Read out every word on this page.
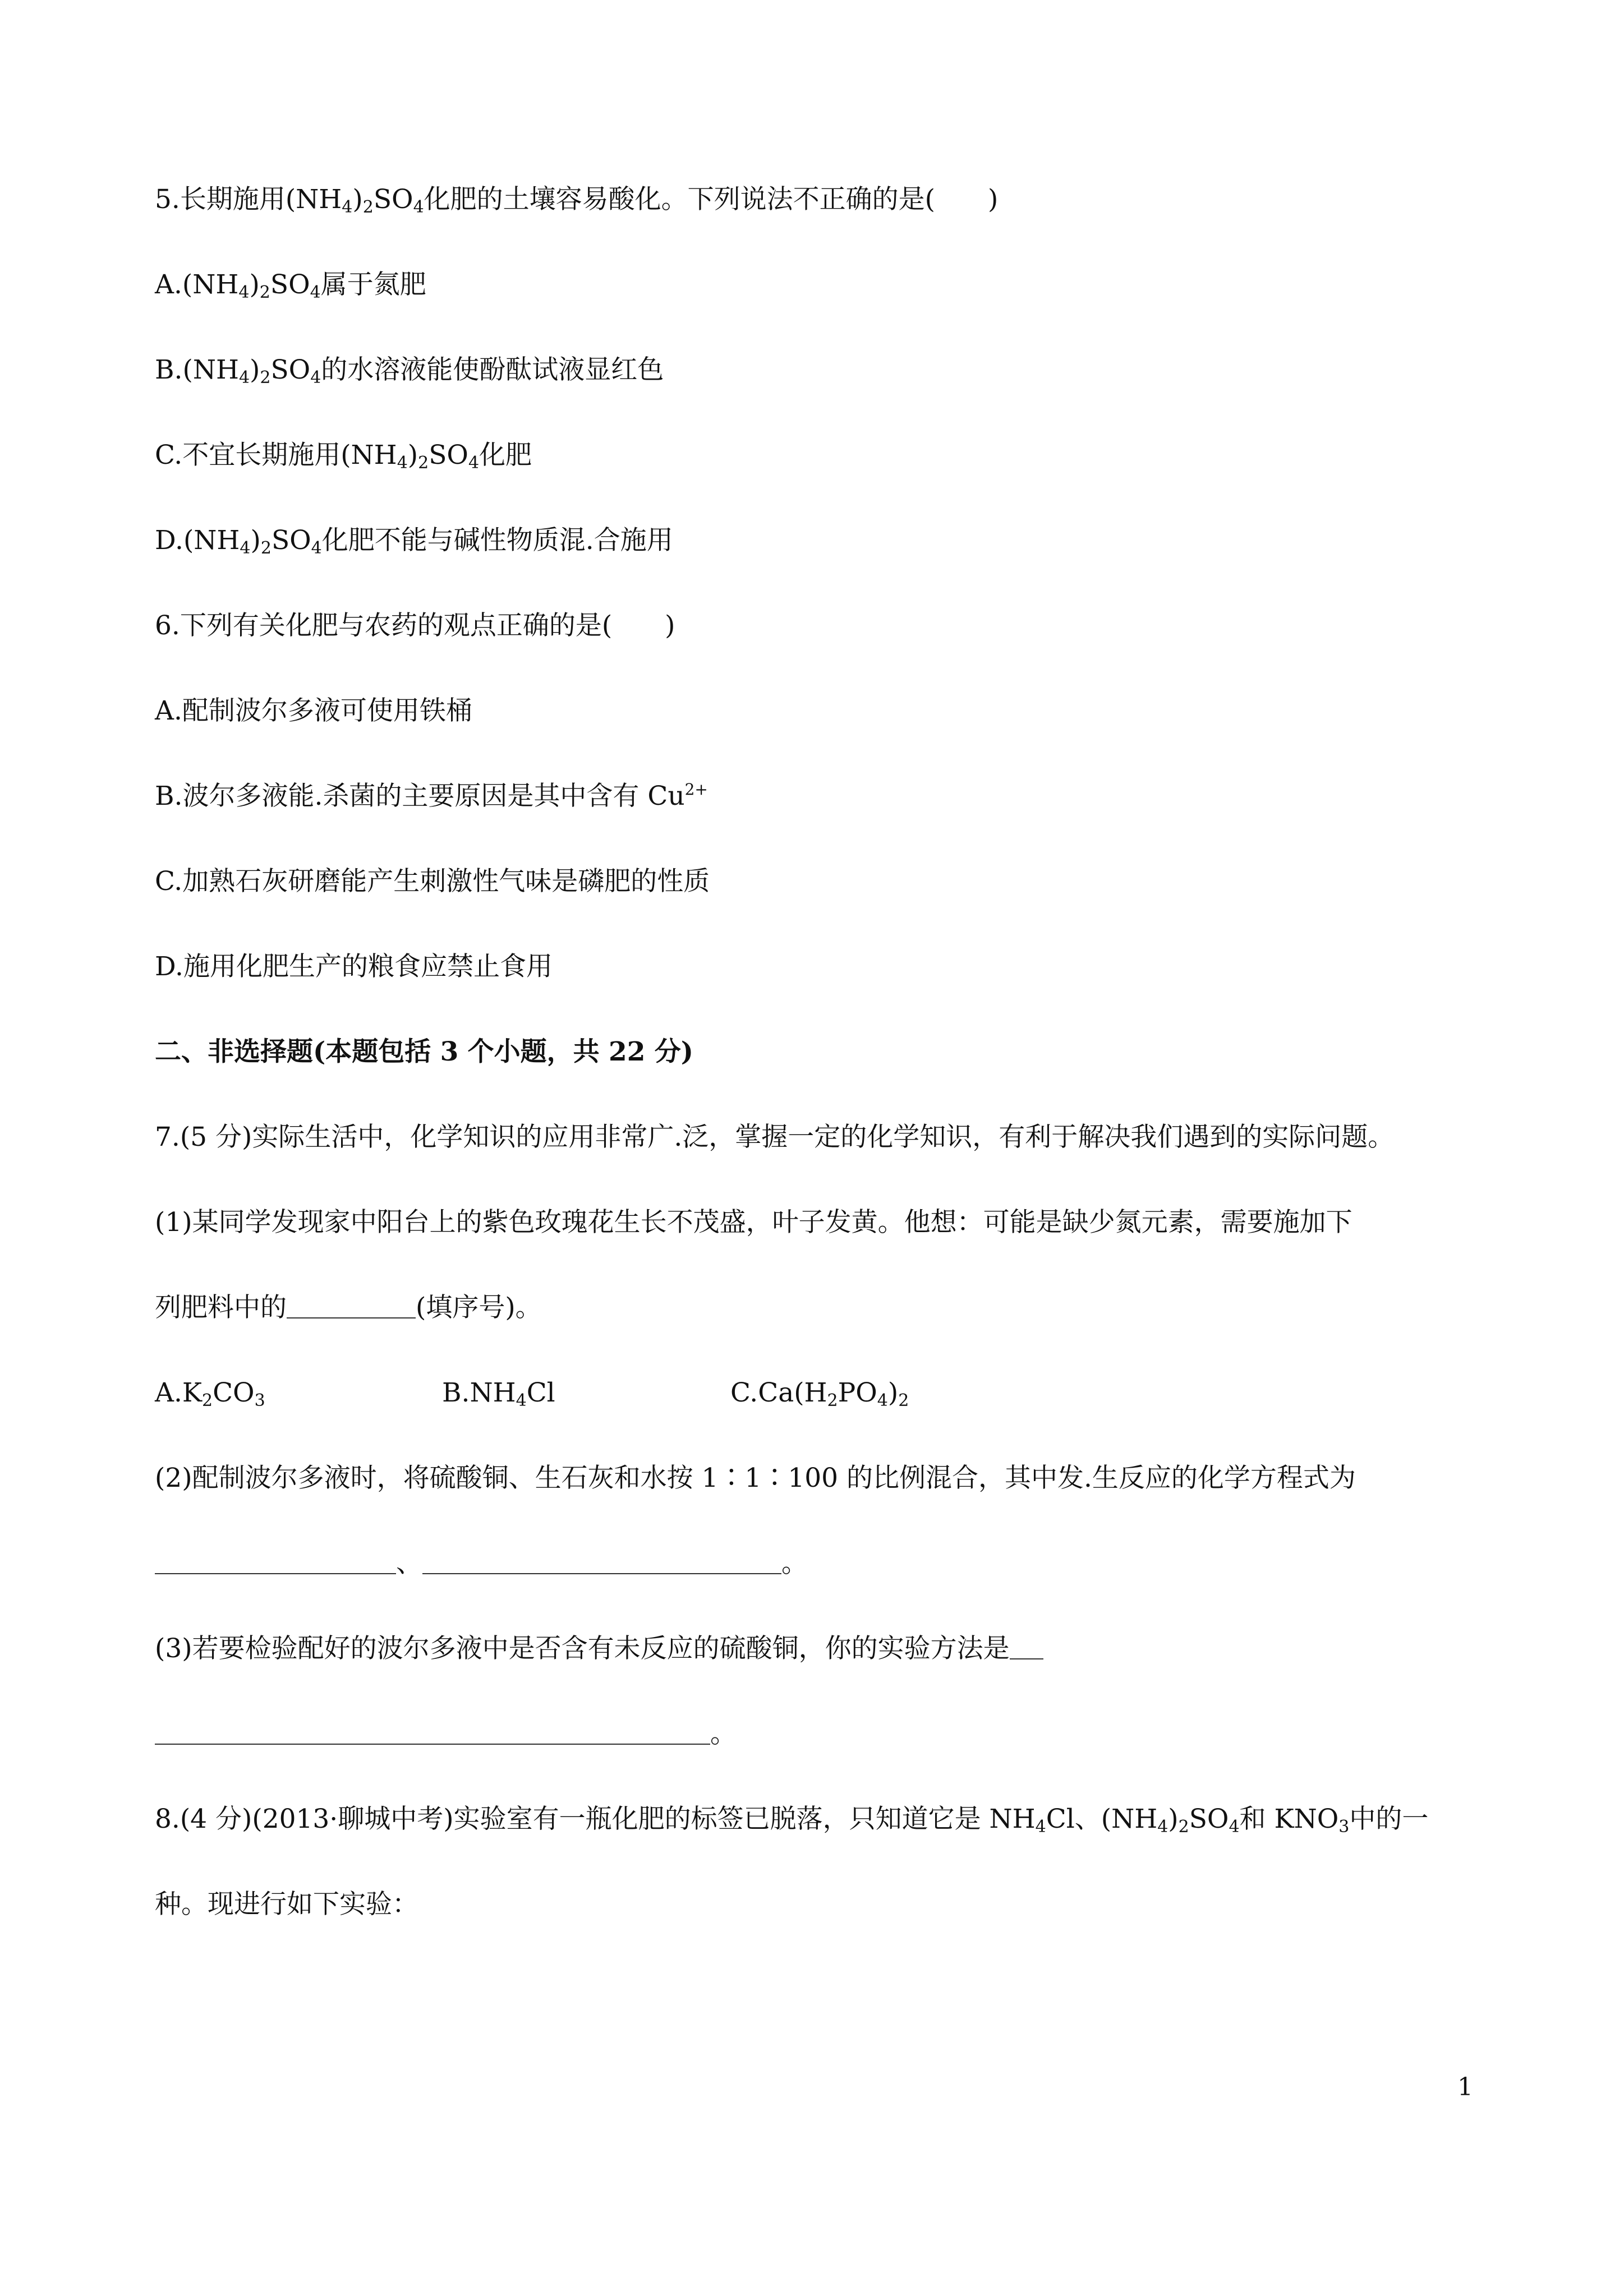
5.长期施用$(NH_4)_2SO_4$化肥的土壤容易酸化。下列说法不正确的是(　　)
$A.(NH_4)_2SO_4$属于氮肥
$B.(NH_4)_2SO_4$的水溶液能使酚酞试液显红色
C.不宜长期施用$(NH_4)_2SO_4$化肥
$D.(NH_4)_2SO_4$化肥不能与碱性物质混.合施用
6.下列有关化肥与农药的观点正确的是(　　)
A.配制波尔多液可使用铁桶
B.波尔多液能.杀菌的主要原因是其中含有 $Cu^{2+}$
C.加熟石灰研磨能产生刺激性气味是磷肥的性质
D.施用化肥生产的粮食应禁止食用
二、非选择题(本题包括 3 个小题，共 22 分)
7.(5 分)实际生活中，化学知识的应用非常广.泛，掌握一定的化学知识，有利于解决我们遇到的实际问题。
(1)某同学发现家中阳台上的紫色玫瑰花生长不茂盛，叶子发黄。他想：可能是缺少氮元素，需要施加下
列肥料中的	(填序号)。
$A.K_2CO_3$	$B.NH_4Cl$	$C.Ca(H_2PO_4)_2$
(2)配制波尔多液时，将硫酸铜、生石灰和水按 1∶1∶100 的比例混合，其中发.生反应的化学方程式为
、	。
(3)若要检验配好的波尔多液中是否含有未反应的硫酸铜，你的实验方法是
。
8.(4 分)(2013·聊城中考)实验室有一瓶化肥的标签已脱落，只知道它是 $NH_4Cl$、$(NH_4)_2SO_4$和 $KNO_3$中的一
种。现进行如下实验：
1
